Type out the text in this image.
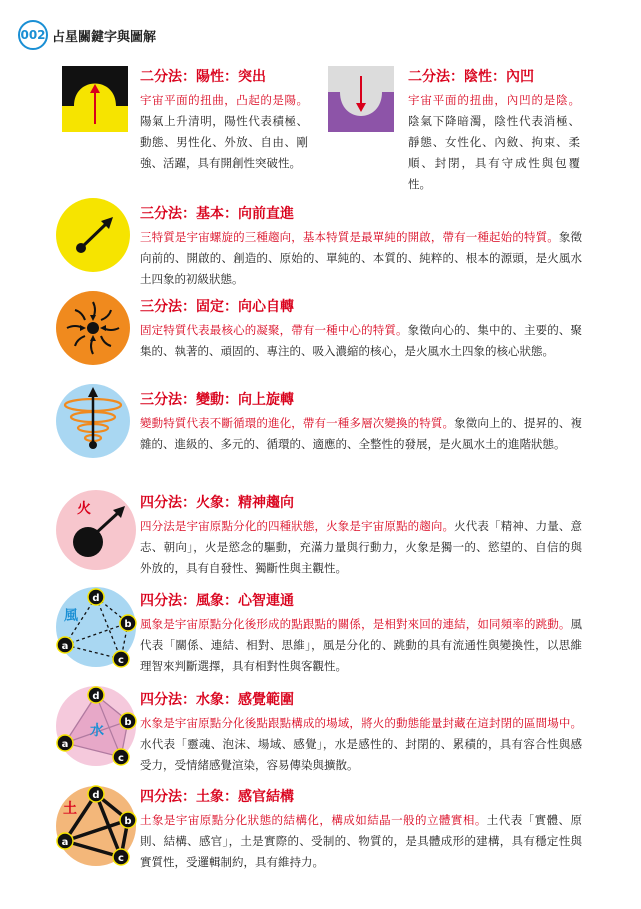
002 占星關鍵字與圖解
二分法：陽性：突出
宇宙平面的扭曲，凸起的是陽。陽氣上升清明，陽性代表積極、動態、男性化、外放、自由、剛強、活躍，具有開創性突破性。
二分法：陰性：內凹
宇宙平面的扭曲，內凹的是陰。陰氣下降暗濁，陰性代表消極、靜態、女性化、內斂、拘束、柔順、封閉，具有守成性與包覆性。
三分法：基本：向前直進
三特質是宇宙螺旋的三種趨向，基本特質是最單純的開啟，帶有一種起始的特質。象徵向前的、開啟的、創造的、原始的、單純的、本質的、純粹的、根本的源頭，是火風水土四象的初級狀態。
三分法：固定：向心自轉
固定特質代表最核心的凝聚，帶有一種中心的特質。象徵向心的、集中的、主要的、聚集的、執著的、頑固的、專注的、吸入濃縮的核心，是火風水土四象的核心狀態。
三分法：變動：向上旋轉
變動特質代表不斷循環的進化，帶有一種多層次變換的特質。象徵向上的、提昇的、複雜的、進級的、多元的、循環的、適應的、全整性的發展，是火風水土的進階狀態。
火	四分法：火象：精神趨向
四分法是宇宙原點分化的四種狀態，火象是宇宙原點的趨向。火代表「精神、力量、意志、朝向」，火是慾念的驅動，充滿力量與行動力，火象是獨一的、慾望的、自信的與外放的，具有自發性、獨斷性與主觀性。
風
d
b
c
a
四分法：風象：心智連通
風象是宇宙原點分化後形成的點跟點的關係，是相對來回的連結，如同頻率的跳動。風代表「關係、連結、相對、思維」，風是分化的、跳動的具有流通性與變換性，以思維理智來判斷選擇，具有相對性與客觀性。
水
d
b
c
a
四分法：水象：感覺範圍
水象是宇宙原點分化後點跟點構成的場域，將火的動態能量封藏在這封閉的區間場中。水代表「靈魂、泡沫、場域、感覺」，水是感性的、封閉的、累積的，具有容合性與感受力，受情緒感覺渲染，容易傳染與擴散。
土
d
b
c
a
四分法：土象：感官結構
土象是宇宙原點分化狀態的結構化，構成如結晶一般的立體實相。土代表「實體、原則、結構、感官」，土是實際的、受制的、物質的，是具體成形的建構，具有穩定性與實質性，受邏輯制約，具有維持力。
